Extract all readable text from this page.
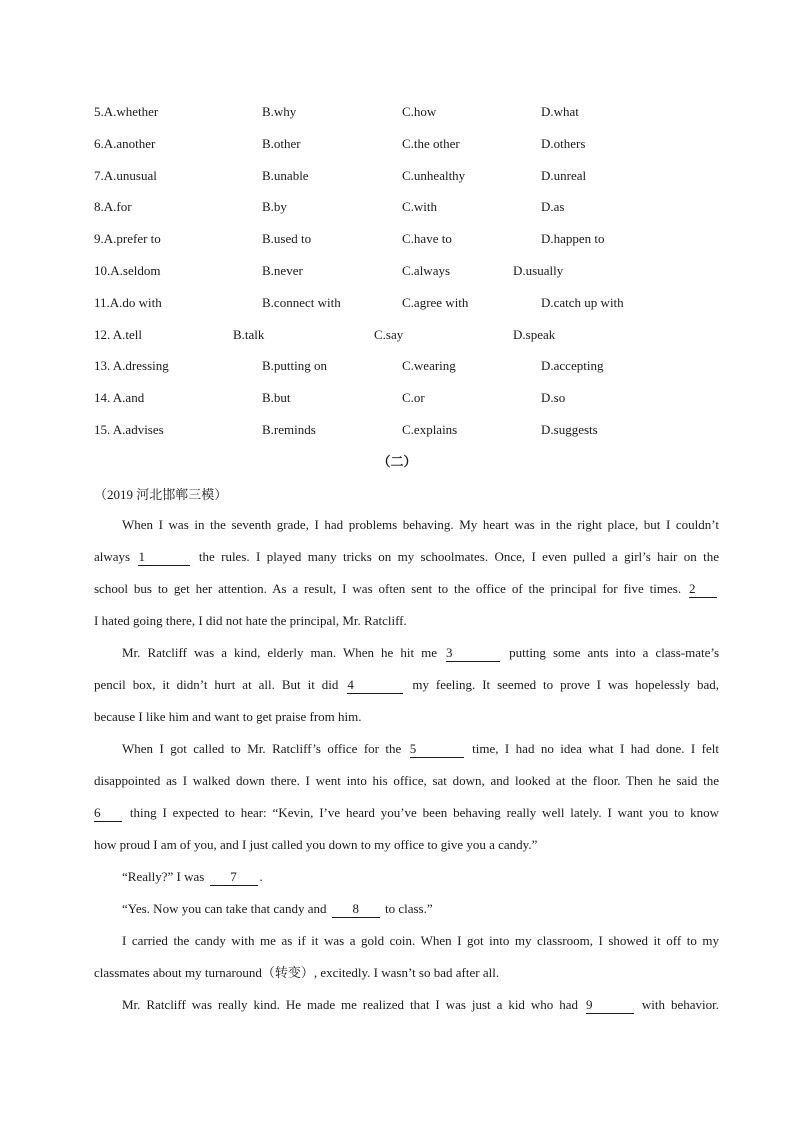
5.A.whether	B.why	C.how	D.what
6.A.another	B.other	C.the other	D.others
7.A.unusual	B.unable	C.unhealthy	D.unreal
8.A.for	B.by	C.with	D.as
9.A.prefer to	B.used to	C.have to	D.happen to
10.A.seldom	B.never	C.always	D.usually
11.A.do with	B.connect with	C.agree with	D.catch up with
12. A.tell	B.talk	C.say	D.speak
13. A.dressing	B.putting on	C.wearing	D.accepting
14. A.and	B.but	C.or	D.so
15. A.advises	B.reminds	C.explains	D.suggests
（二）
（2019 河北邯郸三模）
When I was in the seventh grade, I had problems behaving. My heart was in the right place, but I couldn’t
always 1	the rules. I played many tricks on my schoolmates. Once, I even pulled a girl’s hair on the
school bus to get her attention. As a result, I was often sent to the office of the principal for five times. 2
I hated going there, I did not hate the principal, Mr. Ratcliff.
Mr. Ratcliff was a kind, elderly man. When he hit me 3	putting some ants into a class-mate’s
pencil box, it didn’t hurt at all. But it did 4	my feeling. It seemed to prove I was hopelessly bad,
because I like him and want to get praise from him.
When I got called to Mr. Ratcliff’s office for the 5	time, I had no idea what I had done. I felt
disappointed as I walked down there. I went into his office, sat down, and looked at the floor. Then he said the
6 thing I expected to hear: “Kevin, I’ve heard you’ve been behaving really well lately. I want you to know
how proud I am of you, and I just called you down to my office to give you a candy.”
“Really?” I was 7 .
“Yes. Now you can take that candy and 8 to class.”
I carried the candy with me as if it was a gold coin. When I got into my classroom, I showed it off to my
classmates about my turnaround（转变）, excitedly. I wasn’t so bad after all.
Mr. Ratcliff was really kind. He made me realized that I was just a kid who had 9	with behavior.
